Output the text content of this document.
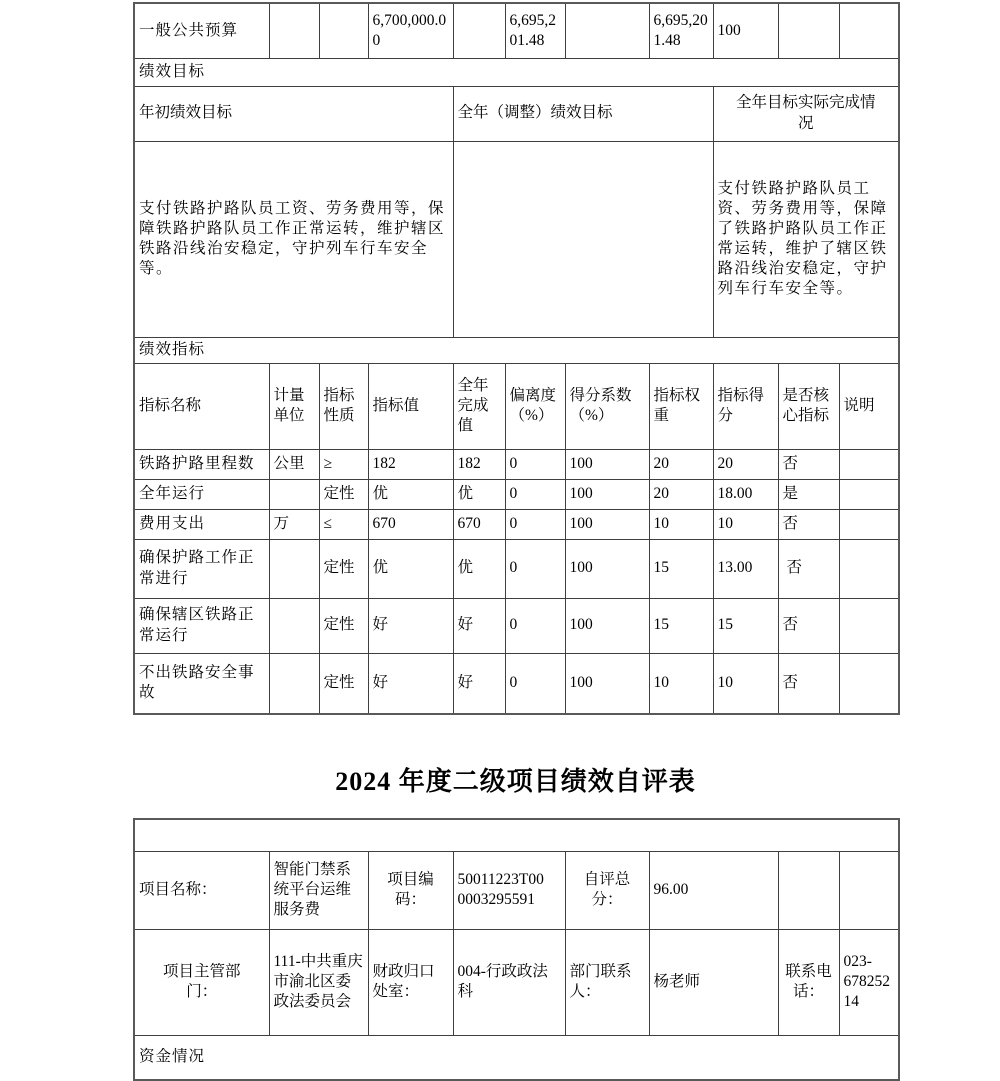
一般公共预算			6,700,000.00		6,695,201.48		6,695,201.48	100		
绩效目标										
年初绩效目标				全年（调整）绩效目标				全年目标实际完成情况		

支付铁路护路队员工资、劳务费用等，保障铁路护路队员工作正常运转，维护辖区铁路沿线治安稳定，守护列车行车安全等。								支付铁路护路队员工资、劳务费用等，保障了铁路护路队员工作正常运转，维护了辖区铁路沿线治安稳定，守护列车行车安全等。		
绩效指标										
指标名称	计量单位	指标性质	指标值	全年完成值	偏离度（%）	得分系数（%）	指标权重	指标得分	是否核心指标	说明
铁路护路里程数	公里	≥	182	182	0	100	20	20	否	
全年运行		定性	优	优	0	100	20	18.00	是	
费用支出	万	≤	670	670	0	100	10	10	否	
确保护路工作正常进行		定性	优	优	0	100	15	13.00	否	
确保辖区铁路正常运行		定性	好	好	0	100	15	15	否	
不出铁路安全事故		定性	好	好	0	100	10	10	否	
2024 年度二级项目绩效自评表

项目名称：	智能门禁系统平台运维服务费	项目编码：	50011223T000003295591	自评总分：	96.00		

项目主管部门：	111-中共重庆市渝北区委政法委员会	财政归口处室：	004-行政政法科	部门联系人：	杨老师	联系电话：	023-67825214
资金情况							
